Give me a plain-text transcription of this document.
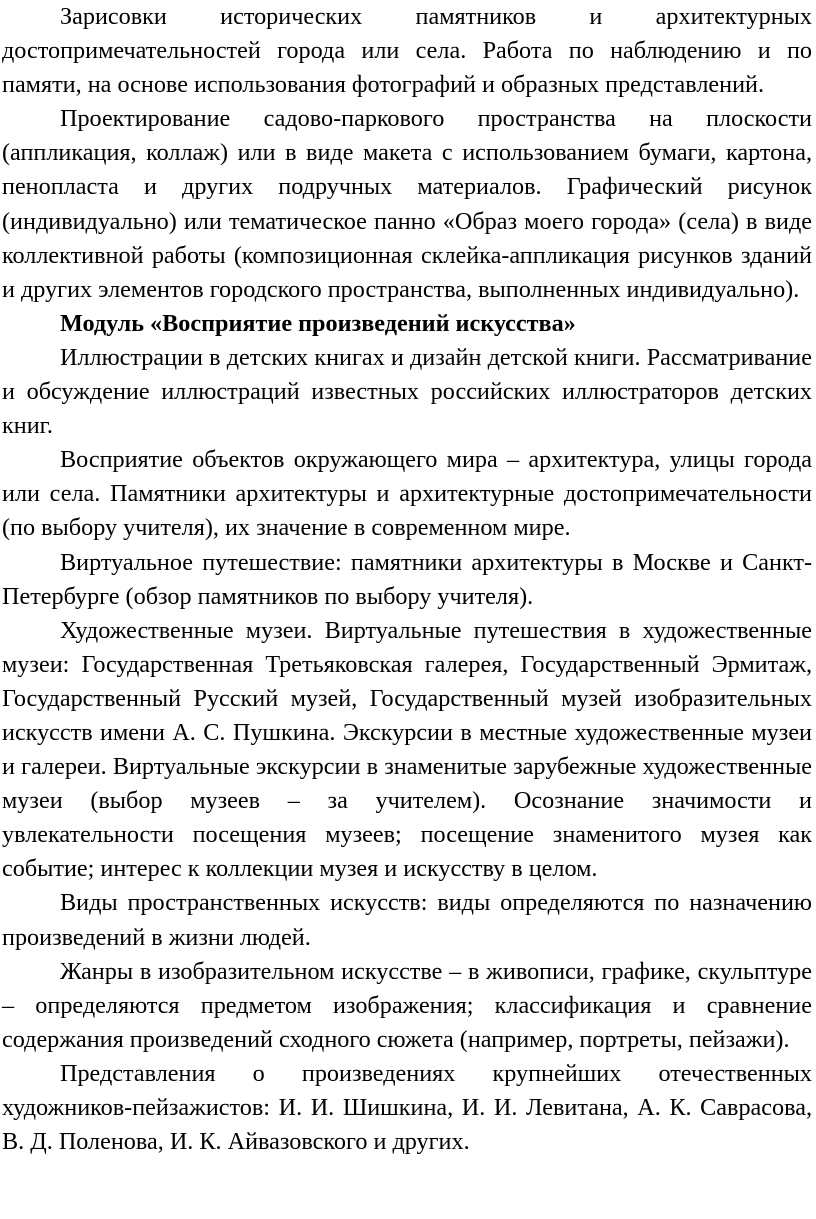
Зарисовки исторических памятников и архитектурных достопримечательностей города или села. Работа по наблюдению и по памяти, на основе использования фотографий и образных представлений.

Проектирование садово-паркового пространства на плоскости (аппликация, коллаж) или в виде макета с использованием бумаги, картона, пенопласта и других подручных материалов. Графический рисунок (индивидуально) или тематическое панно «Образ моего города» (села) в виде коллективной работы (композиционная склейка-аппликация рисунков зданий и других элементов городского пространства, выполненных индивидуально).

Модуль «Восприятие произведений искусства»

Иллюстрации в детских книгах и дизайн детской книги. Рассматривание и обсуждение иллюстраций известных российских иллюстраторов детских книг.

Восприятие объектов окружающего мира – архитектура, улицы города или села. Памятники архитектуры и архитектурные достопримечательности (по выбору учителя), их значение в современном мире.

Виртуальное путешествие: памятники архитектуры в Москве и Санкт-Петербурге (обзор памятников по выбору учителя).

Художественные музеи. Виртуальные путешествия в художественные музеи: Государственная Третьяковская галерея, Государственный Эрмитаж, Государственный Русский музей, Государственный музей изобразительных искусств имени А. С. Пушкина. Экскурсии в местные художественные музеи и галереи. Виртуальные экскурсии в знаменитые зарубежные художественные музеи (выбор музеев – за учителем). Осознание значимости и увлекательности посещения музеев; посещение знаменитого музея как событие; интерес к коллекции музея и искусству в целом.

Виды пространственных искусств: виды определяются по назначению произведений в жизни людей.

Жанры в изобразительном искусстве – в живописи, графике, скульптуре – определяются предметом изображения; классификация и сравнение содержания произведений сходного сюжета (например, портреты, пейзажи).

Представления о произведениях крупнейших отечественных художников-пейзажистов: И. И. Шишкина, И. И. Левитана, А. К. Саврасова, В. Д. Поленова, И. К. Айвазовского и других.
